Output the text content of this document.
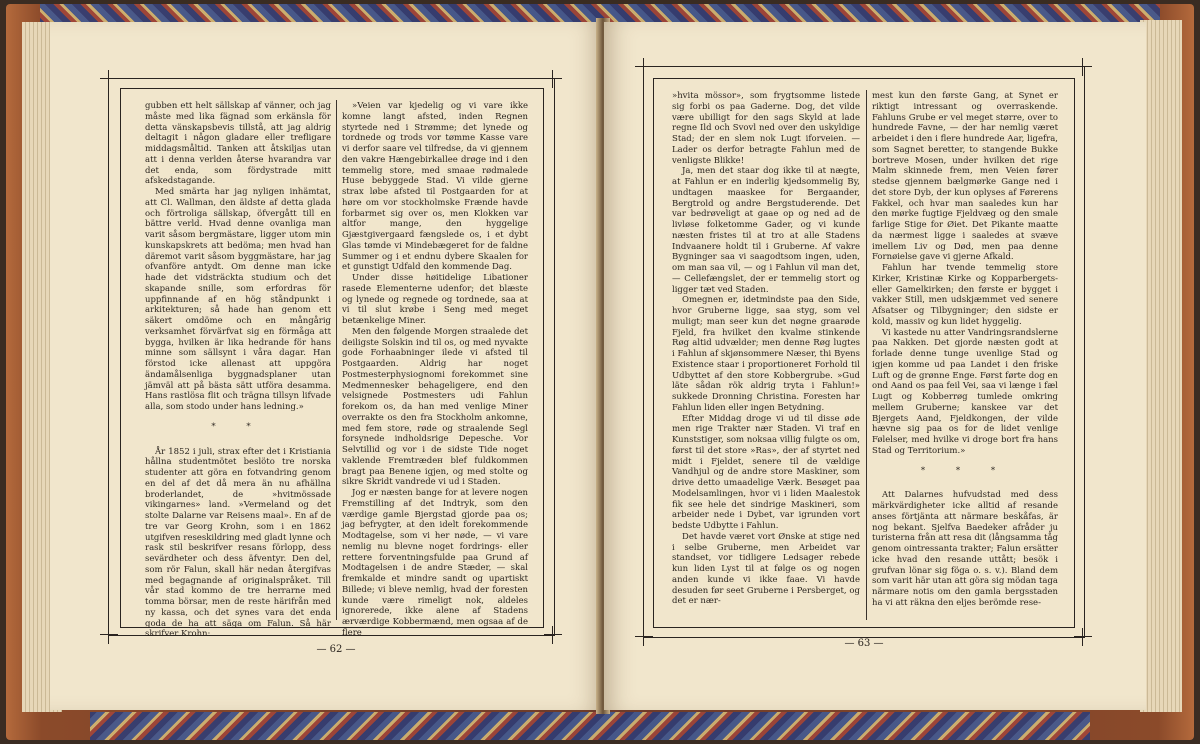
gubben ett helt sällskap af vänner, och jag måste med lika fägnad som erkänsla för detta vänskapsbevis tillstå, att jag aldrig deltagit i någon gladare eller trefligare middagsmåltid. Tanken att åtskiljas utan att i denna verlden återse hvarandra var det enda, som fördystrade mitt afskedstagande.

Med smärta har jag nyligen inhämtat, att Cl. Wallman, den äldste af detta glada och förtroliga sällskap, öfvergått till en bättre verld. Hvad denne ovanliga man varit såsom bergmästare, ligger utom min kunskapskrets att bedöma; men hvad han däremot varit såsom byggmästare, har jag ofvanföre antydt. Om denne man icke hade det vidsträckta studium och det skapande snille, som erfordras för uppfinnande af en hög ståndpunkt i arkitekturen; så hade han genom ett säkert omdöme och en mångårig verksamhet förvärfvat sig en förmåga att bygga, hvilken är lika hedrande för hans minne som sällsynt i våra dagar. Han förstod icke allenast att uppgöra ändamålsenliga byggnadsplaner utan jämväl att på bästa sätt utföra desamma. Hans rastlösa flit och trägna tillsyn lifvade alla, som stodo under hans ledning.»

* *

År 1852 i juli, strax efter det i Kristiania hållna studentmötet beslöto tre norska studenter att göra en fotvandring genom en del af det då mera än nu afhällna broderlandet, de »hvitmössade vikingarnes» land. »Vermeland og det stolte Dalarne var Reisens maal». En af de tre var Georg Krohn, som i en 1862 utgifven reseskildring med gladt lynne och rask stil beskrifver resans förlopp, dess sevärdheter och dess äfventyr. Den del, som rör Falun, skall här nedan återgifvas med begagnande af originalspråket. Till vår stad kommo de tre herrarne med tomma börsar, men de reste härifrån med ny kassa, och det synes vara det enda goda de ha att säga om Falun. Så här skrifver Krohn:

»Veien var kjedelig og vi vare ikke komne langt afsted, inden Regnen styrtede ned i Strømme; det lynede og tordnede og trods vor tømme Kasse vare vi derfor saare vel tilfredse, da vi gjennem den vakre Hængebirkallee drøge ind i den temmelig store, med smaae rødmalede Huse bebyggede Stad. Vi vilde gjerne strax løbe afsted til Postgaarden for at høre om vor stockholmske Frænde havde forbarmet sig over os, men Klokken var altfor mange, den hyggelige Gjæstgivergaard fængslede os, i et dybt Glas tømde vi Mindebægeret for de faldne Summer og i et endnu dybere Skaalen for et gunstigt Udfald den kommende Dag.

Under disse høitidelige Libationer rasede Elementerne udenfor; det blæste og lynede og regnede og tordnede, saa at vi til slut krøbe i Seng med meget betænkelige Miner.

Men den følgende Morgen straalede det deiligste Solskin ind til os, og med nyvakte gode Forhaabninger ilede vi afsted til Postgaarden. Aldrig har noget Postmesterphysiognomi forekommet sine Medmennesker behageligere, end den velsignede Postmesters udi Fahlun forekom os, da han med venlige Miner overrakte os den fra Stockholm ankomne, med fem store, røde og straalende Segl forsynede indholdsrige Depesche. Vor Selvtillid og vor i de sidste Tide noget vaklende Fremtrædeн blef fuldkommen bragt paa Benene igjen, og med stolte og sikre Skridt vandrede vi ud i Staden.

Jog er næsten bange for at levere nogen Fremstilling af det Indtryk, som den værdige gamle Bjergstad gjorde paa os; jag befrygter, at den idelt forekommende Modtagelse, som vi her nøde, — vi vare nemlig nu blevne noget fordrings- eller rettere forventningsfulde paa Grund af Modtagelsen i de andre Stæder, — skal fremkalde et mindre sandt og upartiskt Billede; vi blevе nemlig, hvad der foresten kunde være rimeligt nok, aldeles ignorerede, ikke alene af Stadens ærværdige Kobbermænd, men ogsaa af de flere

— 62 —

»hvita mössor», som frygtsomme listede sig forbi os paa Gaderne. Dog, det vilde være ubilligt for den sags Skyld at lade regne Ild och Svovl ned over den uskyldige Stad; der en slem nok Lugt iforveien. — Lader os derfor betragte Fahlun med de venligste Blikke!

Ja, men det staar dog ikke til at nægte, at Fahlun er en inderlig kjedsommelig By, undtagen maaskee for Bergaander, Bergtrold og andre Bergstuderende. Det var bedrøveligt at gaae op og ned ad de livløse folketomme Gader, og vi kunde næsten fristes til at tro at alle Stadens Indvaanere holdt til i Gruberne. Af vakre Bygninger saa vi saagodtsom ingen, uden, om man saa vil, — og i Fahlun vil man det, — Cellefængslet, der er temmelig stort og ligger tæt ved Staden.

Omegnen er, idetmindste paa den Side, hvor Gruberne ligge, saa styg, som vel muligt; man seer kun det nøgne graarøde Fjeld, fra hvilket den kvalmе stinkende Røg altid udvælder; men denne Røg lugtes i Fahlun af skjønsommere Næser, thi Byens Existence staar i proportioneret Forhold til Udbyttet af den store Kobbergrube. »Gud läte sådan rök aldrig tryta i Fahlun!» sukkede Dronning Christina. Foresten har Fahlun liden eller ingen Betydning.

Efter Middag droge vi ud til disse øde men rige Trakter nær Staden. Vi traf en Kunststiger, som noksaa villig fulgte os om, først til det store »Ras», der af styrtet ned midt i Fjeldet, senere til de vældige Vandhjul og de andre store Maskiner, som drive detto umaadelige Værk. Besøget paa Modelsamlingen, hvor vi i liden Maalestok fik see hele det sindrige Maskineri, som arbeider nede i Dybet, var igrunden vort bedste Udbytte i Fahlun.

Det havde været vort Ønske at stige ned i selbe Gruberne, men Arbeidet var standset, vor tidligere Ledsager rebede kun liden Lyst til at følge os og nogen anden kunde vi ikke faae. Vi havde desuden før seet Gruberne i Persberget, og det er nær-

mest kun den første Gang, at Synet er riktigt intressant og overraskende. Fahluns Grube er vel meget større, over to hundrede Favne, — der har nemlig været arbeidet i den i flere hundrede Aar, ligefra, som Sagnet beretter, to stangende Bukke bortreve Mosen, under hvilken det rige Malm skinnede frem, men Veien fører stedse gjennem bælgmørke Gange ned i det store Dyb, der kun oplyses af Førerens Fakkel, och hvar man saaledes kun har den mørke fugtige Fjeldvæg og den smale farlige Stige for Øiet. Det Pikante maatte da nærmest ligge i saaledes at svæve imellem Liv og Død, men paa denne Fornøielse gave vi gjerne Afkald.

Fahlun har tvende temmelig store Kirker, Kristinæ Kirke og Kopparbergets-eller Gamelkirken; den første er bygget i vakker Still, men udskjæmmet ved senere Afsatser og Tilbygninger; den sidste er kold, massiv og kun lidet hyggelig.

Vi kastede nu atter Vandringsrandslerne paa Nakken. Det gjorde næsten godt at forlade denne tunge uvenlige Stad og igjen komme ud paa Landet i den friske Luft og de grønne Enge. Først førte dog en ond Aand os paa feil Vei, saa vi længe i fæl Lugt og Kobberrøg tumlede omkring mellem Gruberne; kanskee var det Bjergets Aand, Fjeldkongen, der vilde hævne sig paa os for de lidet venlige Følelser, med hvilke vi droge bort fra hans Stad og Territorium.»

* * *

Att Dalarnes hufvudstad med dess märkvärdigheter icke alltid af resande anses förtjänta att närmare beskåfas, är nog bekant. Sjelfva Baedeker afråder ju turisterna från att resa dit (långsamma tåg genom ointressanta trakter; Falun ersätter icke hvad den resande uttått; besök i grufvan lönar sig föga o. s. v.). Bland dem som varit här utan att göra sig mödan taga närmare notis om den gamla bergsstaden ha vi att räkna den eljes berömde rese-

— 63 —
